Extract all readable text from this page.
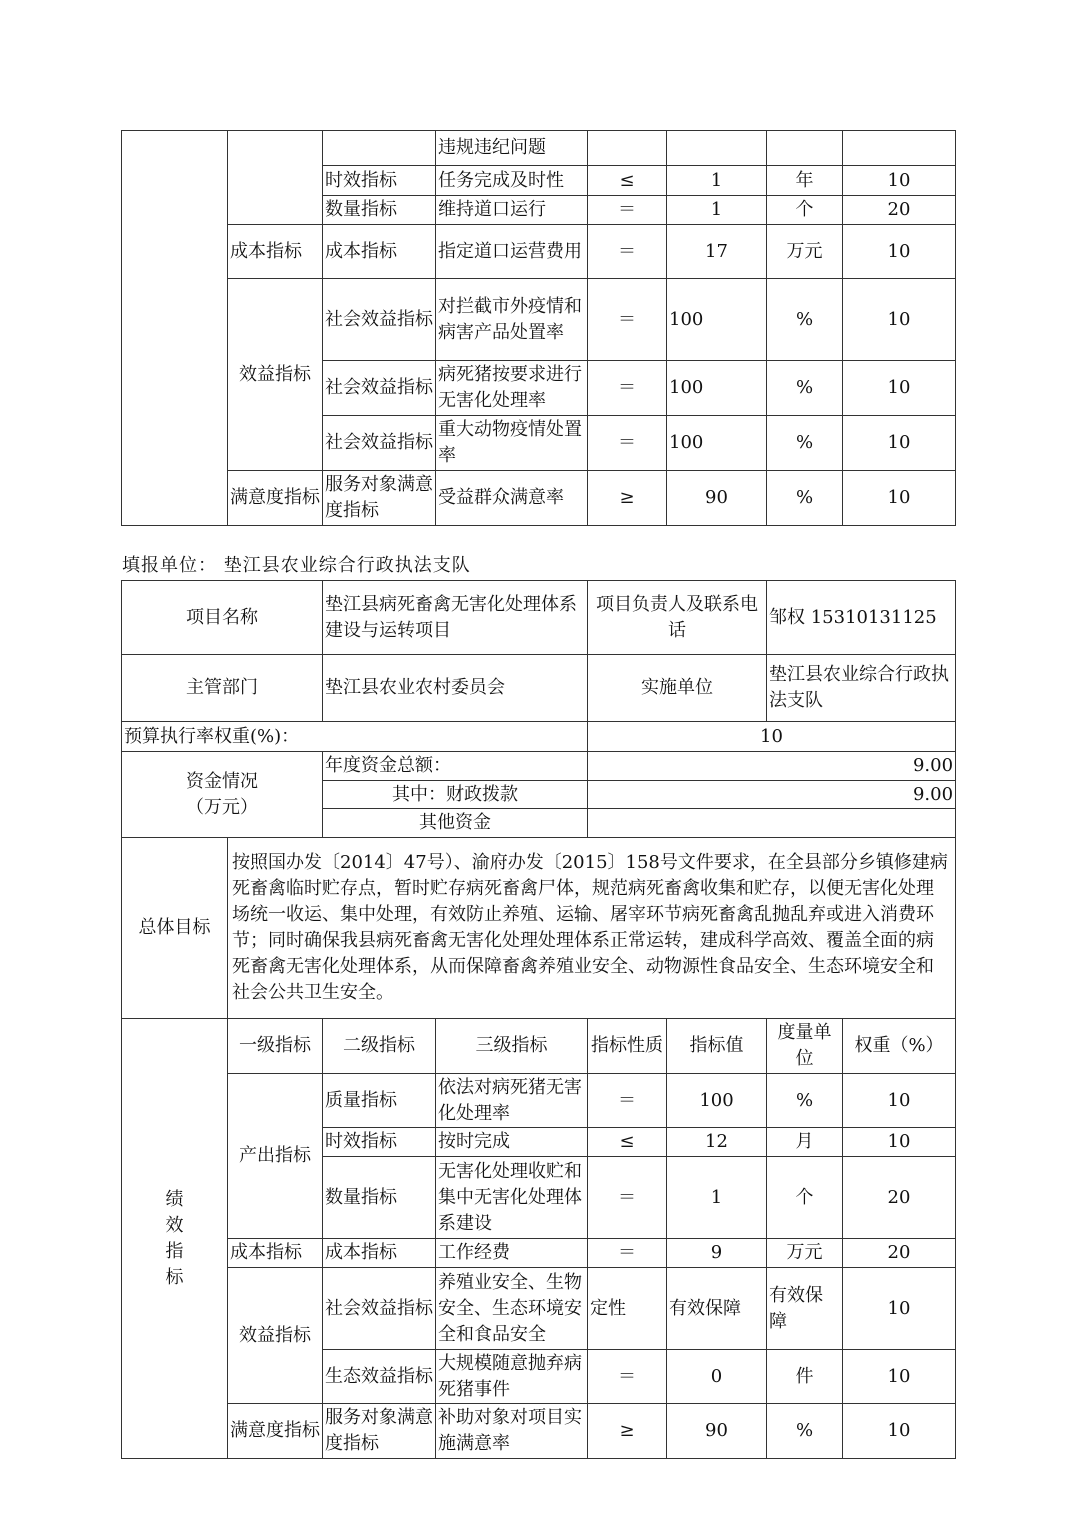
			违规违纪问题				
		时效指标	任务完成及时性	≤	1	年	10
		数量指标	维持道口运行	＝	1	个	20
	成本指标	成本指标	指定道口运营费用	＝	17	万元	10
	效益指标	社会效益指标	对拦截市外疫情和病害产品处置率	＝	100	%	10
		社会效益指标	病死猪按要求进行无害化处理率	＝	100	%	10
		社会效益指标	重大动物疫情处置率	＝	100	%	10
	满意度指标	服务对象满意度指标	受益群众满意率	≥	90	%	10
填报单位： 垫江县农业综合行政执法支队
项目名称		垫江县病死畜禽无害化处理体系建设与运转项目		项目负责人及联系电话		邹权 15310131125	
主管部门		垫江县农业农村委员会		实施单位		垫江县农业综合行政执法支队	
预算执行率权重(%)：				10			

资金情况
（万元）		年度资金总额：		9.00			
		其中：财政拨款		9.00			
		其他资金					
总体目标	按照国办发〔2014〕47号）、渝府办发〔2015〕158号文件要求，在全县部分乡镇修建病死畜禽临时贮存点，暂时贮存病死畜禽尸体，规范病死畜禽收集和贮存，以便无害化处理场统一收运、集中处理，有效防止养殖、运输、屠宰环节病死畜禽乱抛乱弃或进入消费环节；同时确保我县病死畜禽无害化处理处理体系正常运转，建成科学高效、覆盖全面的病死畜禽无害化处理体系，从而保障畜禽养殖业安全、动物源性食品安全、生态环境安全和社会公共卫生安全。						

绩
效
指
标	一级指标	二级指标	三级指标	指标性质	指标值	度量单位	权重（%）
	产出指标	质量指标	依法对病死猪无害化处理率	＝	100	%	10
		时效指标	按时完成	≤	12	月	10
		数量指标	无害化处理收贮和集中无害化处理体系建设	＝	1	个	20
	成本指标	成本指标	工作经费	＝	9	万元	20
	效益指标	社会效益指标	养殖业安全、生物安全、生态环境安全和食品安全	定性	有效保障	有效保障	10
		生态效益指标	大规模随意抛弃病死猪事件	＝	0	件	10
	满意度指标	服务对象满意度指标	补助对象对项目实施满意率	≥	90	%	10
